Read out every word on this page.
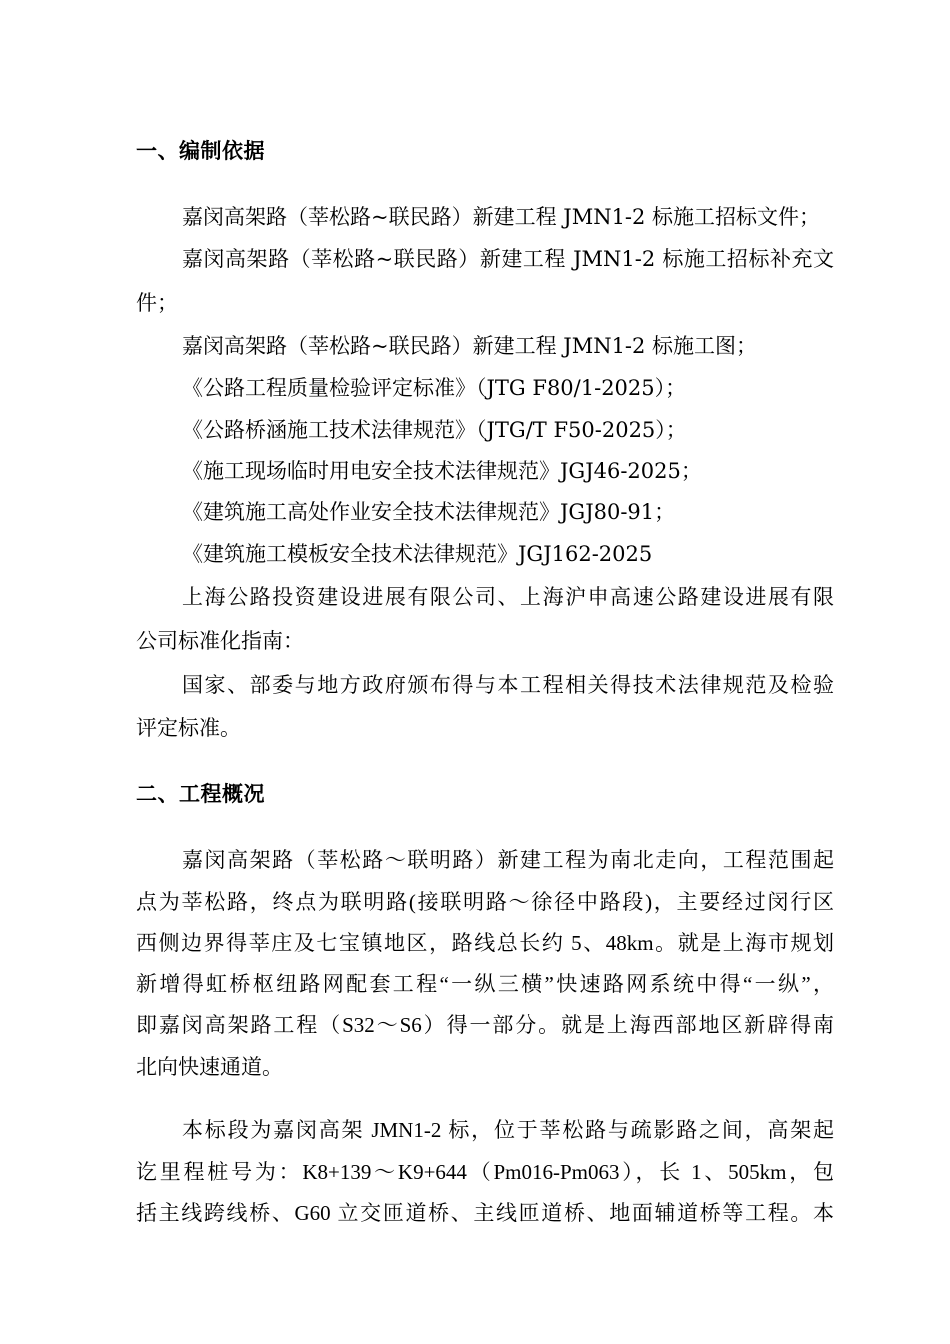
一、编制依据
嘉闵高架路（莘松路~联民路）新建工程 JMN1-2 标施工招标文件；
嘉闵高架路（莘松路~联民路）新建工程 JMN1-2 标施工招标补充文
件；
嘉闵高架路（莘松路~联民路）新建工程 JMN1-2 标施工图；
《公路工程质量检验评定标准》（JTG F80/1-2025）；
《公路桥涵施工技术法律规范》（JTG/T F50-2025）；
《施工现场临时用电安全技术法律规范》JGJ46-2025；
《建筑施工高处作业安全技术法律规范》JGJ80-91；
《建筑施工模板安全技术法律规范》JGJ162-2025
上海公路投资建设进展有限公司、上海沪申高速公路建设进展有限
公司标准化指南：
国家、部委与地方政府颁布得与本工程相关得技术法律规范及检验
评定标准。
二、工程概况
嘉闵高架路（莘松路～联明路）新建工程为南北走向，工程范围起
点为莘松路，终点为联明路(接联明路～徐径中路段)，主要经过闵行区
西侧边界得莘庄及七宝镇地区，路线总长约 5、48km。就是上海市规划
新增得虹桥枢纽路网配套工程“一纵三横”快速路网系统中得“一纵”，
即嘉闵高架路工程（S32～S6）得一部分。就是上海西部地区新辟得南
北向快速通道。
本标段为嘉闵高架 JMN1-2 标，位于莘松路与疏影路之间，高架起
讫里程桩号为：K8+139～K9+644（Pm016-Pm063），长 1、505km，包
括主线跨线桥、G60 立交匝道桥、主线匝道桥、地面辅道桥等工程。本
